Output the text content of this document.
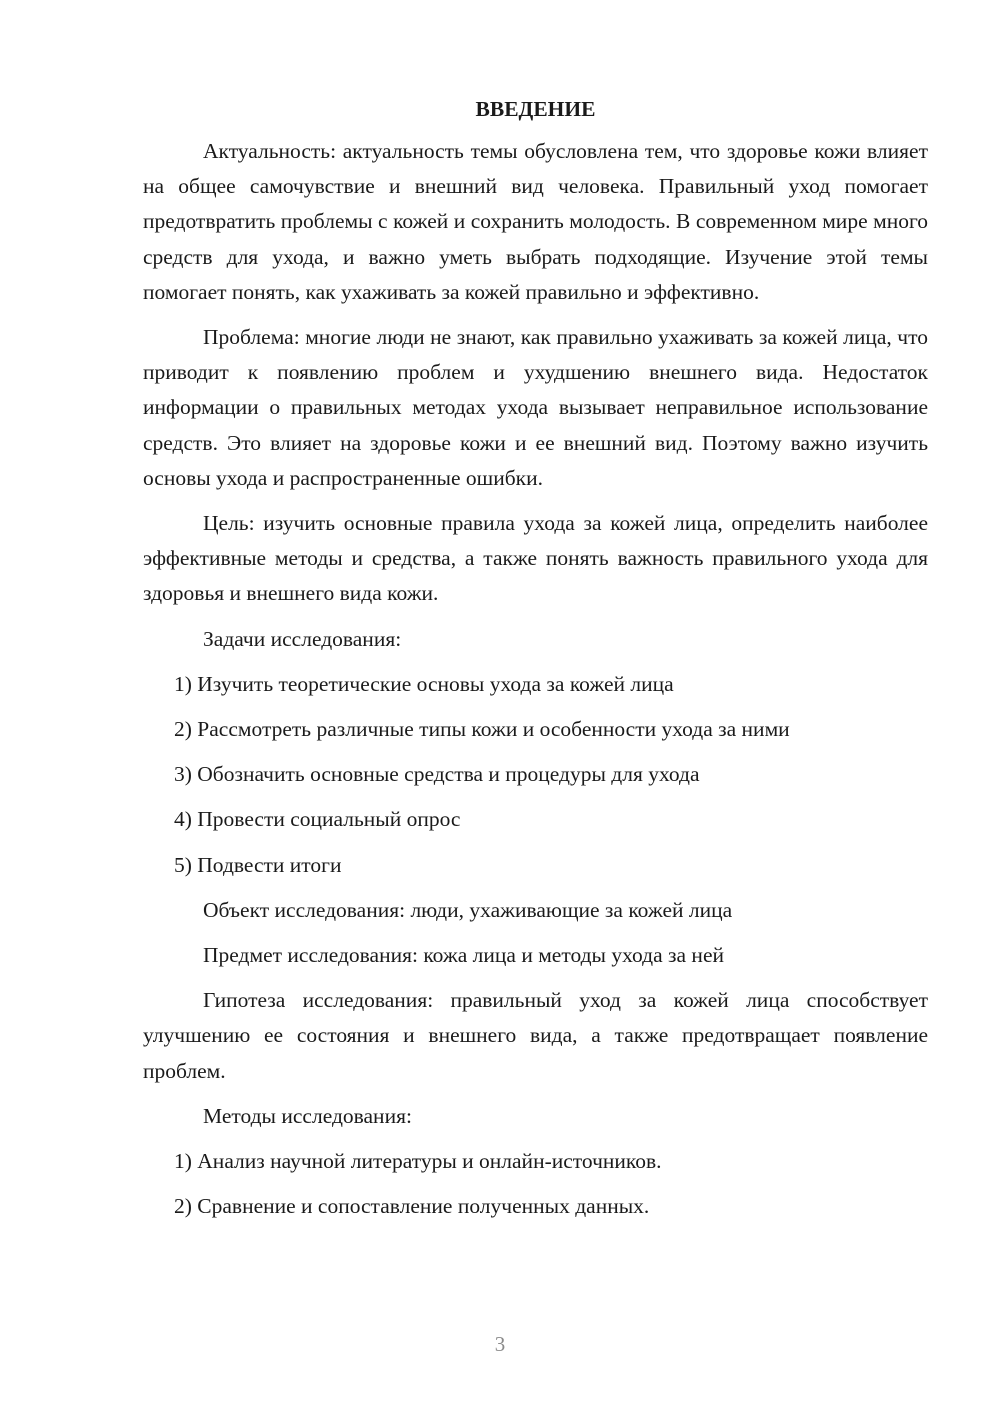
ВВЕДЕНИЕ

Актуальность: актуальность темы обусловлена тем, что здоровье кожи влияет на общее самочувствие и внешний вид человека. Правильный уход помогает предотвратить проблемы с кожей и сохранить молодость. В современном мире много средств для ухода, и важно уметь выбрать подходящие. Изучение этой темы помогает понять, как ухаживать за кожей правильно и эффективно.

Проблема: многие люди не знают, как правильно ухаживать за кожей лица, что приводит к появлению проблем и ухудшению внешнего вида. Недостаток информации о правильных методах ухода вызывает неправильное использование средств. Это влияет на здоровье кожи и ее внешний вид. Поэтому важно изучить основы ухода и распространенные ошибки.

Цель: изучить основные правила ухода за кожей лица, определить наиболее эффективные методы и средства, а также понять важность правильного ухода для здоровья и внешнего вида кожи.

Задачи исследования:

1) Изучить теоретические основы ухода за кожей лица
2) Рассмотреть различные типы кожи и особенности ухода за ними
3) Обозначить основные средства и процедуры для ухода
4) Провести социальный опрос
5) Подвести итоги

Объект исследования: люди, ухаживающие за кожей лица

Предмет исследования: кожа лица и методы ухода за ней

Гипотеза исследования: правильный уход за кожей лица способствует улучшению ее состояния и внешнего вида, а также предотвращает появление проблем.

Методы исследования:

1) Анализ научной литературы и онлайн-источников.
2) Сравнение и сопоставление полученных данных.
3
